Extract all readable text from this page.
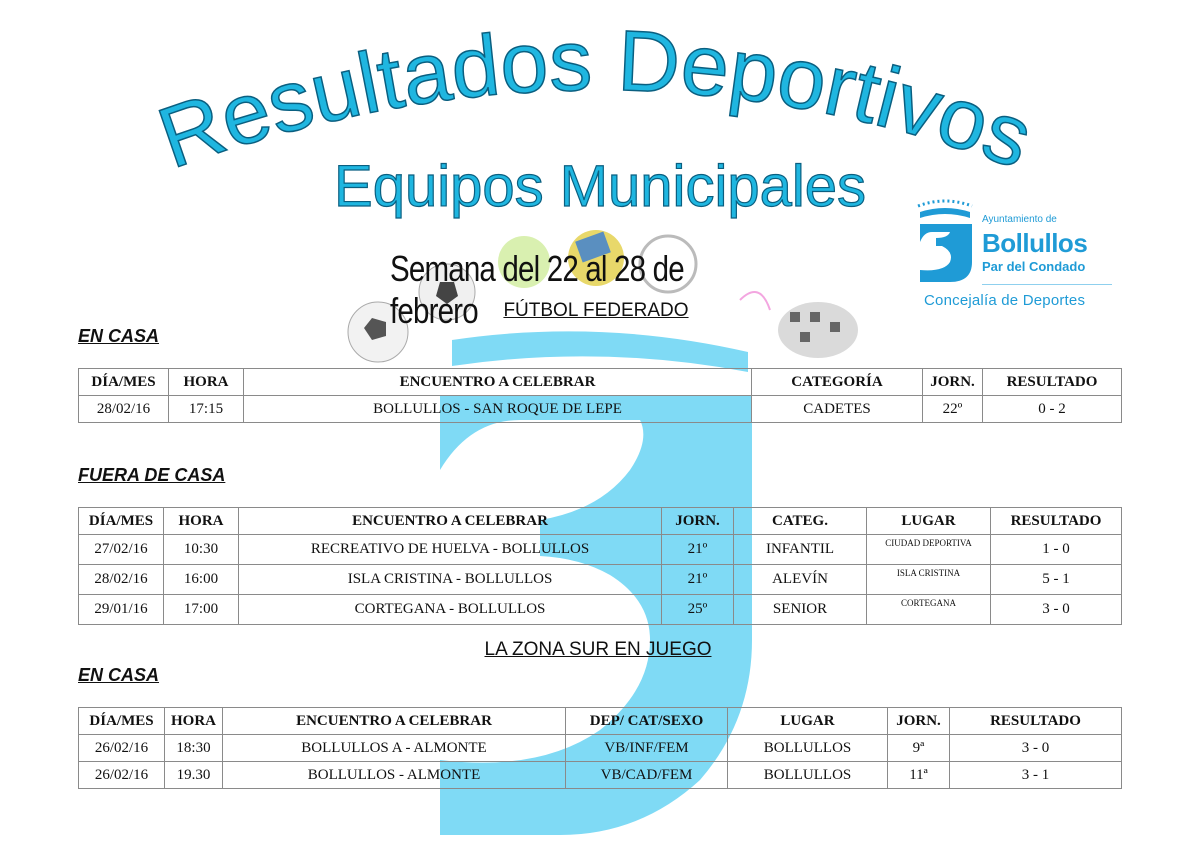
Resultados Deportivos
Equipos Municipales
Semana del 22 al 28 de febrero
Ayuntamiento de
Bollullos
Par del Condado
Concejalía de Deportes
FÚTBOL FEDERADO
EN CASA
DÍA/MES	HORA	ENCUENTRO A CELEBRAR	CATEGORÍA	JORN.	RESULTADO
28/02/16	17:15	BOLLULLOS - SAN ROQUE DE LEPE	CADETES	22º	0 - 2
FUERA DE CASA
DÍA/MES	HORA	ENCUENTRO A CELEBRAR	JORN.	CATEG.	LUGAR	RESULTADO
27/02/16	10:30	RECREATIVO DE HUELVA - BOLLULLOS	21º	INFANTIL	CIUDAD DEPORTIVA	1 - 0
28/02/16	16:00	ISLA CRISTINA - BOLLULLOS	21º	ALEVÍN	ISLA CRISTINA	5 - 1
29/01/16	17:00	CORTEGANA - BOLLULLOS	25º	SENIOR	CORTEGANA	3 - 0
LA ZONA SUR EN JUEGO
EN CASA
DÍA/MES	HORA	ENCUENTRO A CELEBRAR	DEP/ CAT/SEXO	LUGAR	JORN.	RESULTADO
26/02/16	18:30	BOLLULLOS A - ALMONTE	VB/INF/FEM	BOLLULLOS	9ª	3 - 0
26/02/16	19.30	BOLLULLOS - ALMONTE	VB/CAD/FEM	BOLLULLOS	11ª	3 - 1
